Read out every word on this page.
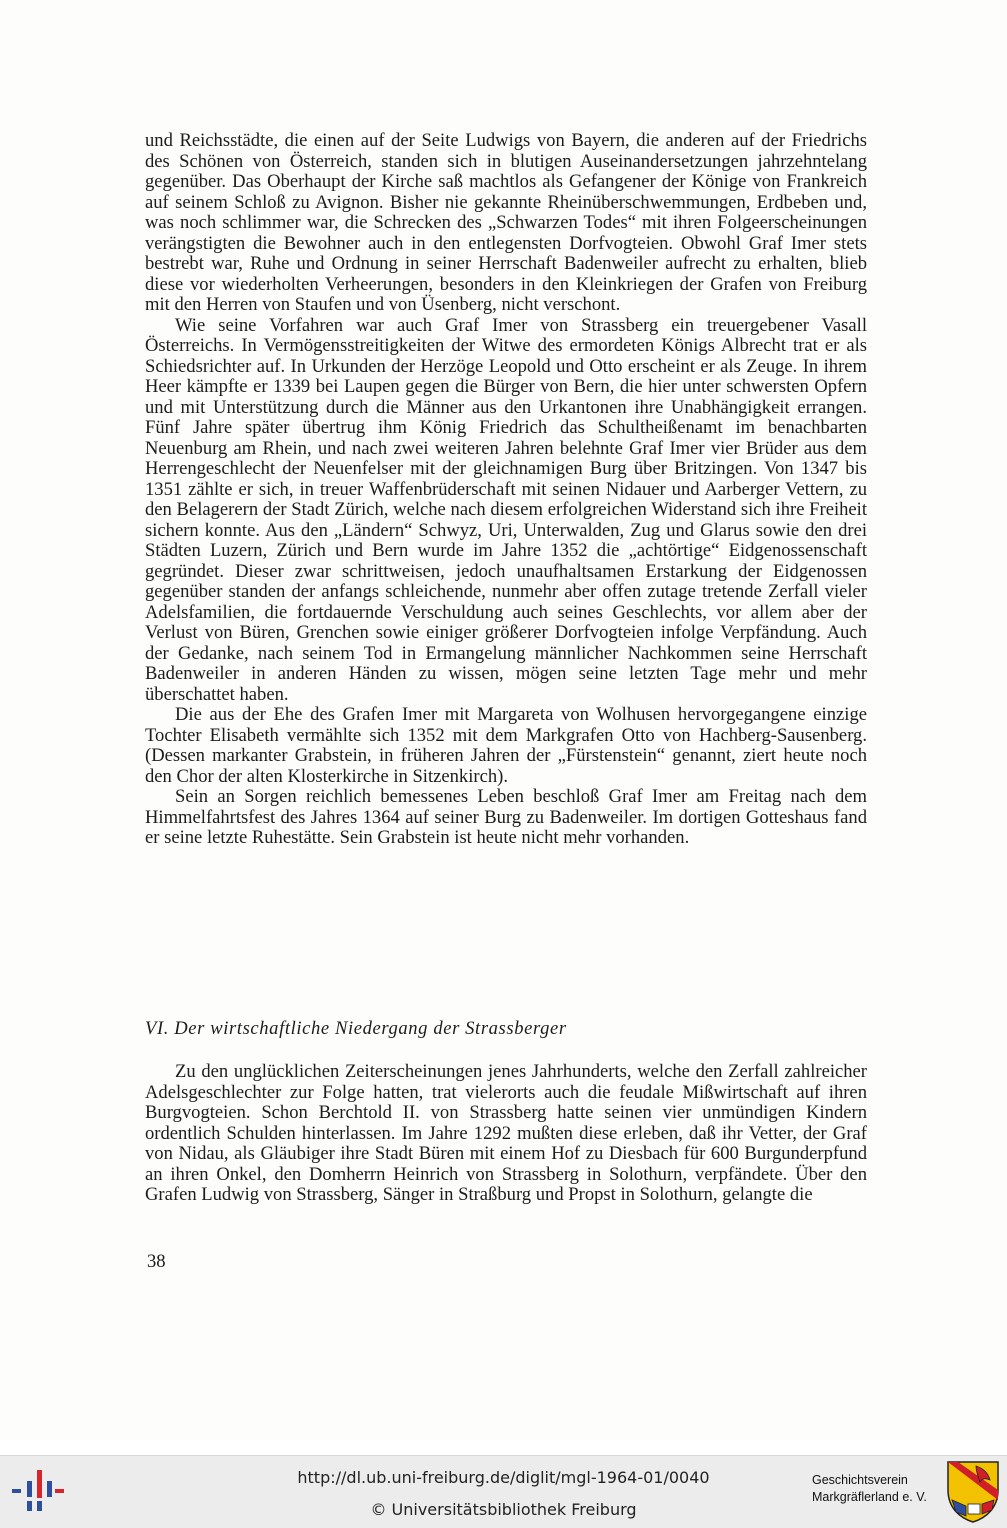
und Reichsstädte, die einen auf der Seite Ludwigs von Bayern, die anderen auf der Friedrichs des Schönen von Österreich, standen sich in blutigen Auseinandersetzungen jahrzehntelang gegenüber. Das Oberhaupt der Kirche saß machtlos als Gefangener der Könige von Frankreich auf seinem Schloß zu Avignon. Bisher nie gekannte Rheinüberschwemmungen, Erdbeben und, was noch schlimmer war, die Schrecken des „Schwarzen Todes“ mit ihren Folgeerscheinungen verängstigten die Bewohner auch in den entlegensten Dorfvogteien. Obwohl Graf Imer stets bestrebt war, Ruhe und Ordnung in seiner Herrschaft Badenweiler aufrecht zu erhalten, blieb diese vor wiederholten Verheerungen, besonders in den Kleinkriegen der Grafen von Freiburg mit den Herren von Staufen und von Üsenberg, nicht verschont.

Wie seine Vorfahren war auch Graf Imer von Strassberg ein treuergebener Vasall Österreichs. In Vermögensstreitigkeiten der Witwe des ermordeten Königs Albrecht trat er als Schiedsrichter auf. In Urkunden der Herzöge Leopold und Otto erscheint er als Zeuge. In ihrem Heer kämpfte er 1339 bei Laupen gegen die Bürger von Bern, die hier unter schwersten Opfern und mit Unterstützung durch die Männer aus den Urkantonen ihre Unabhängigkeit errangen. Fünf Jahre später übertrug ihm König Friedrich das Schultheißenamt im benachbarten Neuenburg am Rhein, und nach zwei weiteren Jahren belehnte Graf Imer vier Brüder aus dem Herrengeschlecht der Neuenfelser mit der gleichnamigen Burg über Britzingen. Von 1347 bis 1351 zählte er sich, in treuer Waffenbrüderschaft mit seinen Nidauer und Aarberger Vettern, zu den Belagerern der Stadt Zürich, welche nach diesem erfolgreichen Widerstand sich ihre Freiheit sichern konnte. Aus den „Ländern“ Schwyz, Uri, Unterwalden, Zug und Glarus sowie den drei Städten Luzern, Zürich und Bern wurde im Jahre 1352 die „achtörtige“ Eidgenossenschaft gegründet. Dieser zwar schrittweisen, jedoch unaufhaltsamen Erstarkung der Eidgenossen gegenüber standen der anfangs schleichende, nunmehr aber offen zutage tretende Zerfall vieler Adelsfamilien, die fortdauernde Verschuldung auch seines Geschlechts, vor allem aber der Verlust von Büren, Grenchen sowie einiger größerer Dorfvogteien infolge Verpfändung. Auch der Gedanke, nach seinem Tod in Ermangelung männlicher Nachkommen seine Herrschaft Badenweiler in anderen Händen zu wissen, mögen seine letzten Tage mehr und mehr überschattet haben.

Die aus der Ehe des Grafen Imer mit Margareta von Wolhusen hervorgegangene einzige Tochter Elisabeth vermählte sich 1352 mit dem Markgrafen Otto von Hachberg-Sausenberg. (Dessen markanter Grabstein, in früheren Jahren der „Fürstenstein“ genannt, ziert heute noch den Chor der alten Klosterkirche in Sitzenkirch).

Sein an Sorgen reichlich bemessenes Leben beschloß Graf Imer am Freitag nach dem Himmelfahrtsfest des Jahres 1364 auf seiner Burg zu Badenweiler. Im dortigen Gotteshaus fand er seine letzte Ruhestätte. Sein Grabstein ist heute nicht mehr vorhanden.

VI. Der wirtschaftliche Niedergang der Strassberger

Zu den unglücklichen Zeiterscheinungen jenes Jahrhunderts, welche den Zerfall zahlreicher Adelsgeschlechter zur Folge hatten, trat vielerorts auch die feudale Mißwirtschaft auf ihren Burgvogteien. Schon Berchtold II. von Strassberg hatte seinen vier unmündigen Kindern ordentlich Schulden hinterlassen. Im Jahre 1292 mußten diese erleben, daß ihr Vetter, der Graf von Nidau, als Gläubiger ihre Stadt Büren mit einem Hof zu Diesbach für 600 Burgunderpfund an ihren Onkel, den Domherrn Heinrich von Strassberg in Solothurn, verpfändete. Über den Grafen Ludwig von Strassberg, Sänger in Straßburg und Propst in Solothurn, gelangte die

38
http://dl.ub.uni-freiburg.de/diglit/mgl-1964-01/0040
© Universitätsbibliothek Freiburg
Geschichtsverein
Markgräflerland e. V.
